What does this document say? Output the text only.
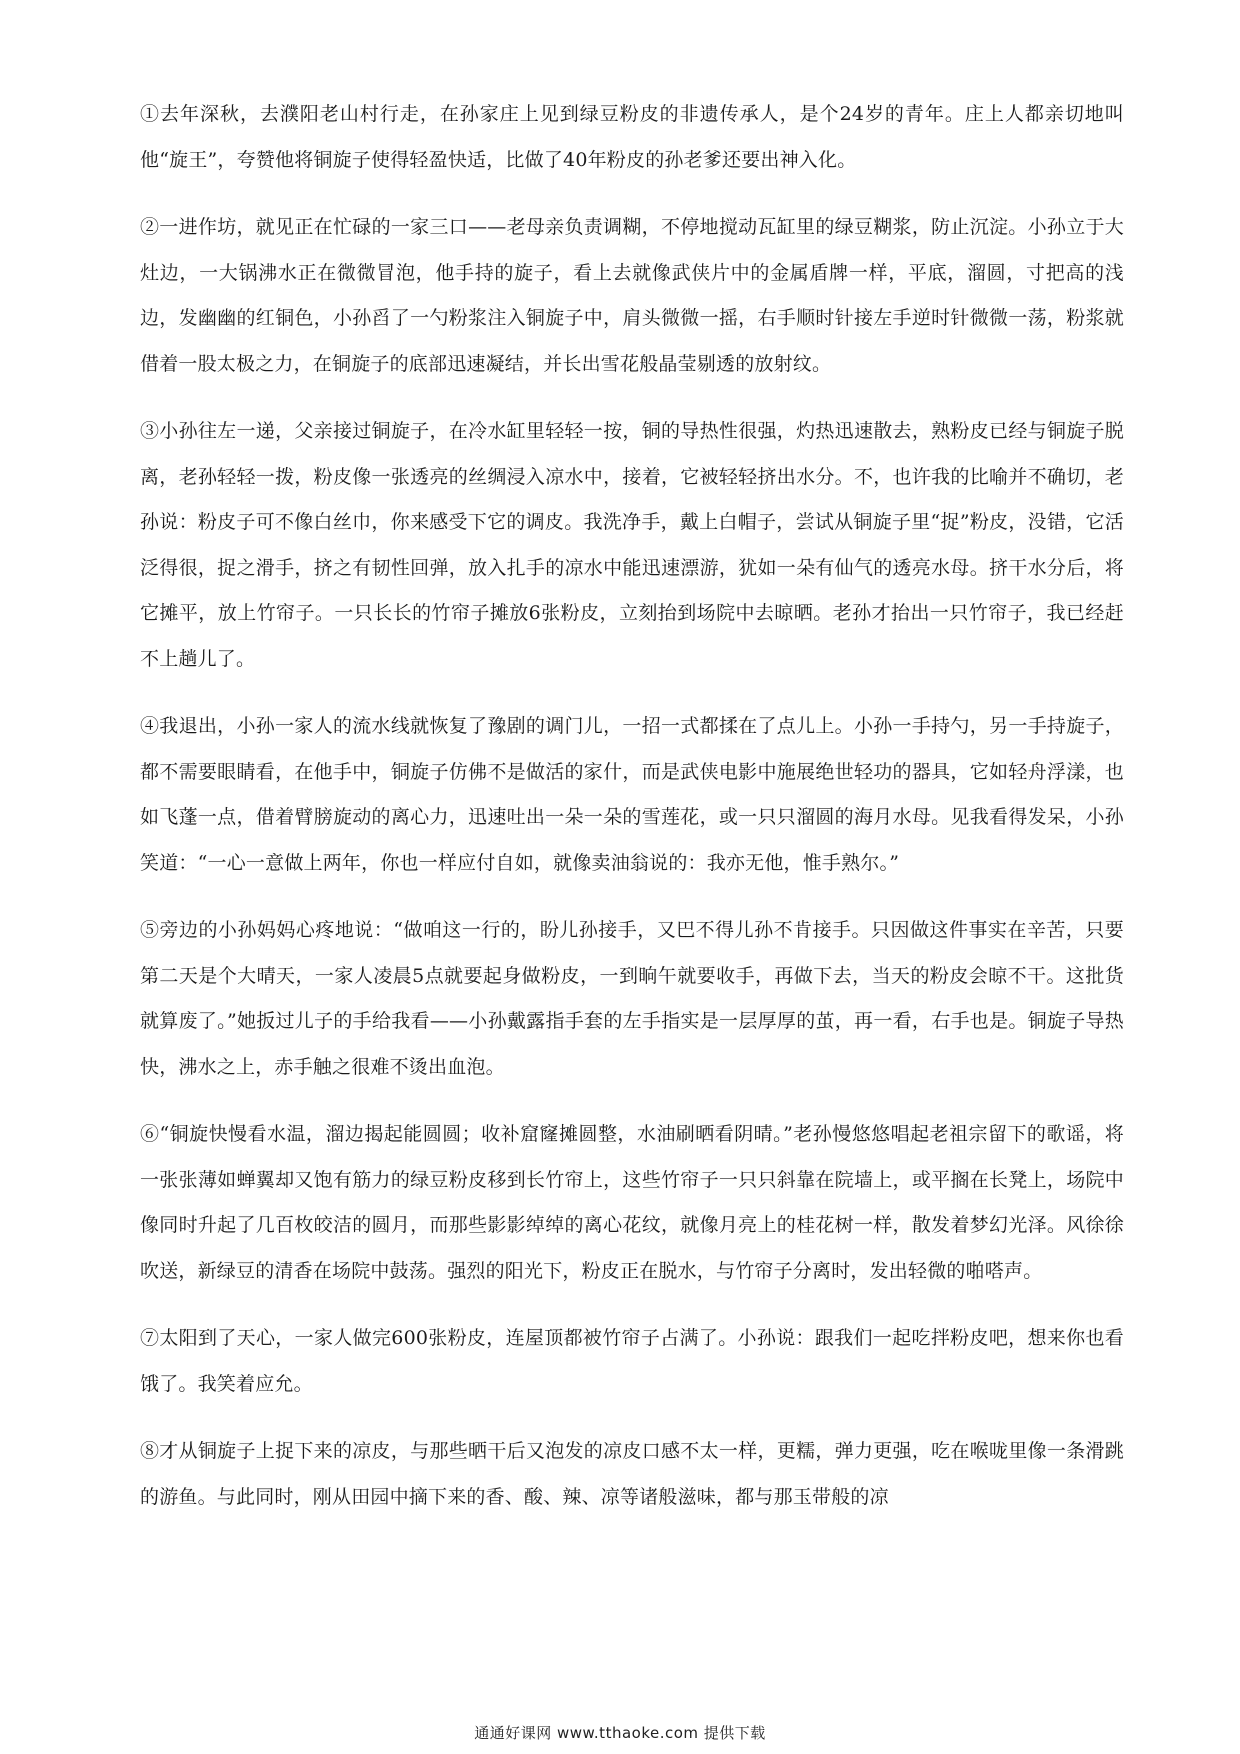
①去年深秋，去濮阳老山村行走，在孙家庄上见到绿豆粉皮的非遗传承人，是个24岁的青年。庄上人都亲切地叫他“旋王”，夸赞他将铜旋子使得轻盈快适，比做了40年粉皮的孙老爹还要出神入化。

②一进作坊，就见正在忙碌的一家三口——老母亲负责调糊，不停地搅动瓦缸里的绿豆糊浆，防止沉淀。小孙立于大灶边，一大锅沸水正在微微冒泡，他手持的旋子，看上去就像武侠片中的金属盾牌一样，平底，溜圆，寸把高的浅边，发幽幽的红铜色，小孙舀了一勺粉浆注入铜旋子中，肩头微微一摇，右手顺时针接左手逆时针微微一荡，粉浆就借着一股太极之力，在铜旋子的底部迅速凝结，并长出雪花般晶莹剔透的放射纹。

③小孙往左一递，父亲接过铜旋子，在冷水缸里轻轻一按，铜的导热性很强，灼热迅速散去，熟粉皮已经与铜旋子脱离，老孙轻轻一拨，粉皮像一张透亮的丝绸浸入凉水中，接着，它被轻轻挤出水分。不，也许我的比喻并不确切，老孙说：粉皮子可不像白丝巾，你来感受下它的调皮。我洗净手，戴上白帽子，尝试从铜旋子里“捉”粉皮，没错，它活泛得很，捉之滑手，挤之有韧性回弹，放入扎手的凉水中能迅速漂游，犹如一朵有仙气的透亮水母。挤干水分后，将它摊平，放上竹帘子。一只长长的竹帘子摊放6张粉皮，立刻抬到场院中去晾晒。老孙才抬出一只竹帘子，我已经赶不上趟儿了。

④我退出，小孙一家人的流水线就恢复了豫剧的调门儿，一招一式都揉在了点儿上。小孙一手持勺，另一手持旋子，都不需要眼睛看，在他手中，铜旋子仿佛不是做活的家什，而是武侠电影中施展绝世轻功的器具，它如轻舟浮漾，也如飞蓬一点，借着臂膀旋动的离心力，迅速吐出一朵一朵的雪莲花，或一只只溜圆的海月水母。见我看得发呆，小孙笑道：“一心一意做上两年，你也一样应付自如，就像卖油翁说的：我亦无他，惟手熟尔。”

⑤旁边的小孙妈妈心疼地说：“做咱这一行的，盼儿孙接手，又巴不得儿孙不肯接手。只因做这件事实在辛苦，只要第二天是个大晴天，一家人凌晨5点就要起身做粉皮，一到晌午就要收手，再做下去，当天的粉皮会晾不干。这批货就算废了。”她扳过儿子的手给我看——小孙戴露指手套的左手指实是一层厚厚的茧，再一看，右手也是。铜旋子导热快，沸水之上，赤手触之很难不烫出血泡。

⑥“铜旋快慢看水温，溜边揭起能圆圆；收补窟窿摊圆整，水油刷晒看阴晴。”老孙慢悠悠唱起老祖宗留下的歌谣，将一张张薄如蝉翼却又饱有筋力的绿豆粉皮移到长竹帘上，这些竹帘子一只只斜靠在院墙上，或平搁在长凳上，场院中像同时升起了几百枚皎洁的圆月，而那些影影绰绰的离心花纹，就像月亮上的桂花树一样，散发着梦幻光泽。风徐徐吹送，新绿豆的清香在场院中鼓荡。强烈的阳光下，粉皮正在脱水，与竹帘子分离时，发出轻微的啪嗒声。

⑦太阳到了天心，一家人做完600张粉皮，连屋顶都被竹帘子占满了。小孙说：跟我们一起吃拌粉皮吧，想来你也看饿了。我笑着应允。

⑧才从铜旋子上捉下来的凉皮，与那些晒干后又泡发的凉皮口感不太一样，更糯，弹力更强，吃在喉咙里像一条滑跳的游鱼。与此同时，刚从田园中摘下来的香、酸、辣、凉等诸般滋味，都与那玉带般的凉

通通好课网 www.tthaoke.com 提供下载
